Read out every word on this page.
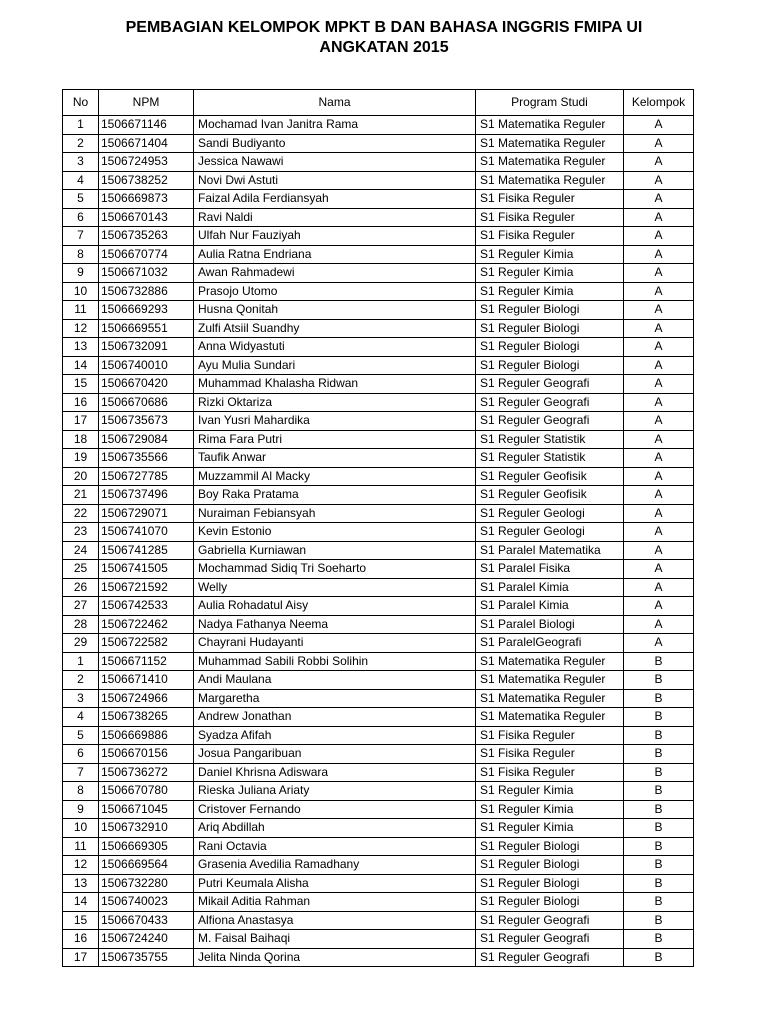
PEMBAGIAN KELOMPOK MPKT B DAN BAHASA INGGRIS FMIPA UI
ANGKATAN 2015
No	NPM	Nama	Program Studi	Kelompok
1	1506671146	Mochamad Ivan Janitra Rama	S1 Matematika Reguler	A
2	1506671404	Sandi Budiyanto	S1 Matematika Reguler	A
3	1506724953	Jessica Nawawi	S1 Matematika Reguler	A
4	1506738252	Novi Dwi Astuti	S1 Matematika Reguler	A
5	1506669873	Faizal Adila Ferdiansyah	S1 Fisika Reguler	A
6	1506670143	Ravi Naldi	S1 Fisika Reguler	A
7	1506735263	Ulfah Nur Fauziyah	S1 Fisika Reguler	A
8	1506670774	Aulia Ratna Endriana	S1 Reguler Kimia	A
9	1506671032	Awan Rahmadewi	S1 Reguler Kimia	A
10	1506732886	Prasojo Utomo	S1 Reguler Kimia	A
11	1506669293	Husna Qonitah	S1 Reguler Biologi	A
12	1506669551	Zulfi Atsiil Suandhy	S1 Reguler Biologi	A
13	1506732091	Anna Widyastuti	S1 Reguler Biologi	A
14	1506740010	Ayu Mulia Sundari	S1 Reguler Biologi	A
15	1506670420	Muhammad Khalasha Ridwan	S1 Reguler Geografi	A
16	1506670686	Rizki Oktariza	S1 Reguler Geografi	A
17	1506735673	Ivan Yusri Mahardika	S1 Reguler Geografi	A
18	1506729084	Rima Fara Putri	S1 Reguler Statistik	A
19	1506735566	Taufik Anwar	S1 Reguler Statistik	A
20	1506727785	Muzzammil Al Macky	S1 Reguler Geofisik	A
21	1506737496	Boy Raka Pratama	S1 Reguler Geofisik	A
22	1506729071	Nuraiman Febiansyah	S1 Reguler Geologi	A
23	1506741070	Kevin Estonio	S1 Reguler Geologi	A
24	1506741285	Gabriella Kurniawan	S1 Paralel Matematika	A
25	1506741505	Mochammad Sidiq Tri Soeharto	S1 Paralel Fisika	A
26	1506721592	Welly	S1 Paralel Kimia	A
27	1506742533	Aulia Rohadatul Aisy	S1 Paralel Kimia	A
28	1506722462	Nadya Fathanya Neema	S1 Paralel Biologi	A
29	1506722582	Chayrani Hudayanti	S1 ParalelGeografi	A
1	1506671152	Muhammad Sabili Robbi Solihin	S1 Matematika Reguler	B
2	1506671410	Andi Maulana	S1 Matematika Reguler	B
3	1506724966	Margaretha	S1 Matematika Reguler	B
4	1506738265	Andrew Jonathan	S1 Matematika Reguler	B
5	1506669886	Syadza Afifah	S1 Fisika Reguler	B
6	1506670156	Josua Pangaribuan	S1 Fisika Reguler	B
7	1506736272	Daniel Khrisna Adiswara	S1 Fisika Reguler	B
8	1506670780	Rieska Juliana Ariaty	S1 Reguler Kimia	B
9	1506671045	Cristover Fernando	S1 Reguler Kimia	B
10	1506732910	Ariq Abdillah	S1 Reguler Kimia	B
11	1506669305	Rani Octavia	S1 Reguler Biologi	B
12	1506669564	Grasenia Avedilia Ramadhany	S1 Reguler Biologi	B
13	1506732280	Putri Keumala Alisha	S1 Reguler Biologi	B
14	1506740023	Mikail Aditia Rahman	S1 Reguler Biologi	B
15	1506670433	Alfiona Anastasya	S1 Reguler Geografi	B
16	1506724240	M. Faisal Baihaqi	S1 Reguler Geografi	B
17	1506735755	Jelita Ninda Qorina	S1 Reguler Geografi	B
